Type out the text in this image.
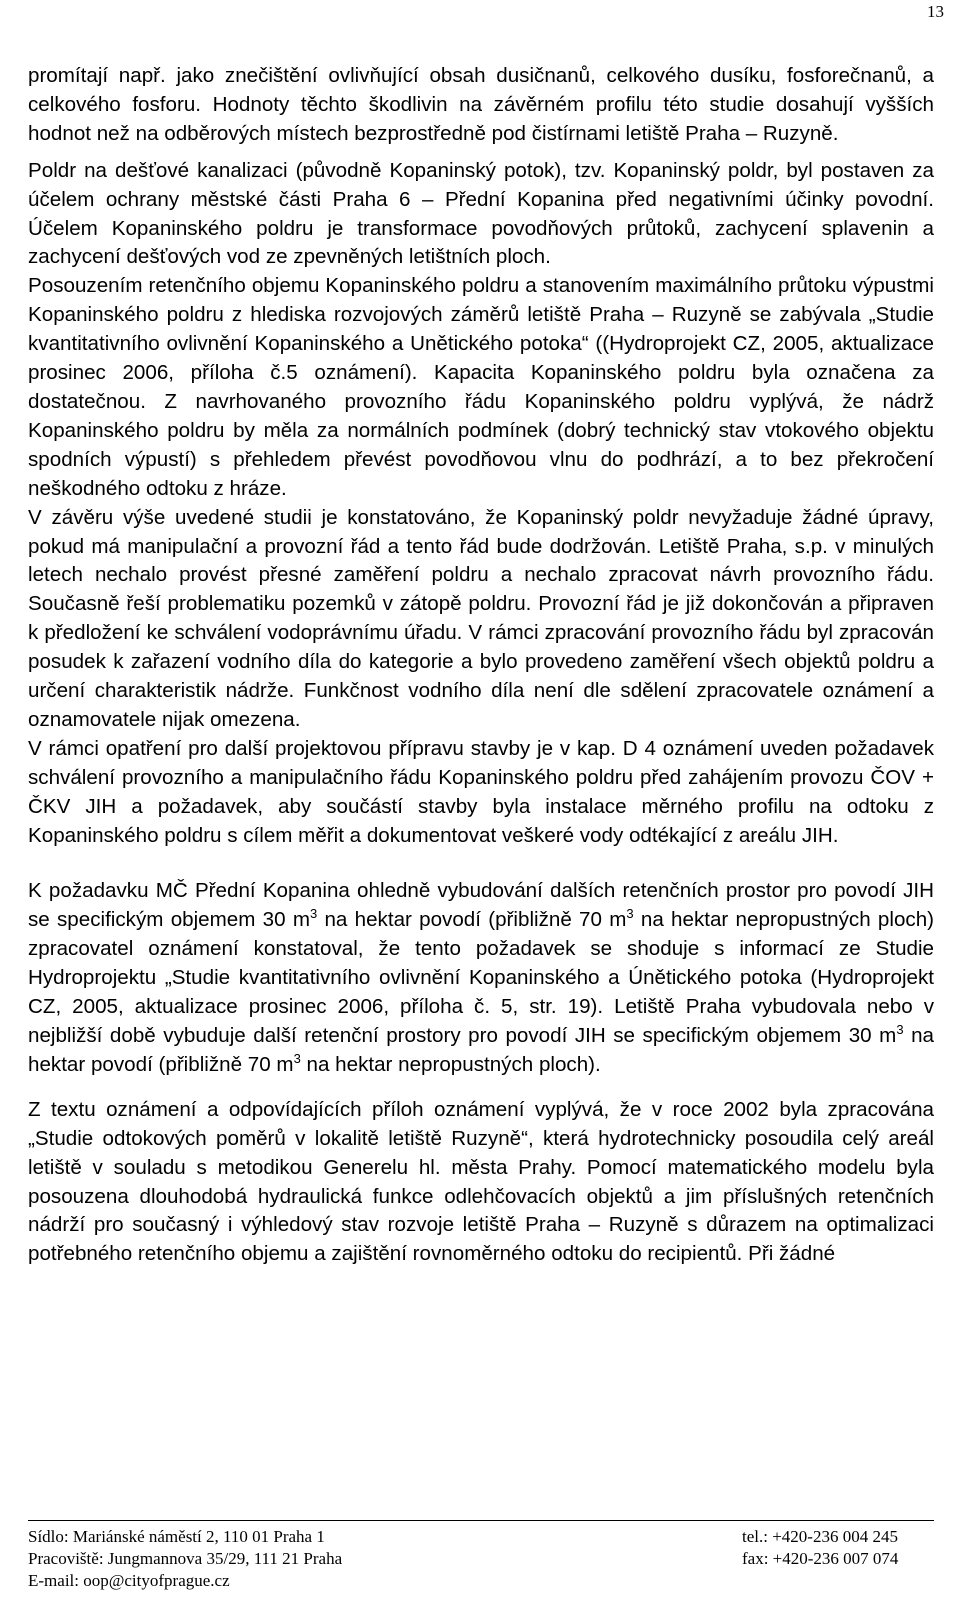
13

promítají např. jako znečištění ovlivňující obsah dusičnanů, celkového dusíku, fosforečnanů, a celkového fosforu. Hodnoty těchto škodlivin na závěrném profilu této studie dosahují vyšších hodnot než na odběrových místech bezprostředně pod čistírnami letiště Praha – Ruzyně.

Poldr na dešťové kanalizaci (původně Kopaninský potok), tzv. Kopaninský poldr, byl postaven za účelem ochrany městské části Praha 6 – Přední Kopanina před negativními účinky povodní. Účelem Kopaninského poldru je transformace povodňových průtoků, zachycení splavenin a zachycení dešťových vod ze zpevněných letištních ploch.

Posouzením retenčního objemu Kopaninského poldru a stanovením maximálního průtoku výpustmi Kopaninského poldru z hlediska rozvojových záměrů letiště Praha – Ruzyně se zabývala „Studie kvantitativního ovlivnění Kopaninského a Unětického potoka“ ((Hydroprojekt CZ, 2005, aktualizace prosinec 2006, příloha č.5 oznámení). Kapacita Kopaninského poldru byla označena za dostatečnou. Z navrhovaného provozního řádu Kopaninského poldru vyplývá, že nádrž Kopaninského poldru by měla za normálních podmínek (dobrý technický stav vtokového objektu spodních výpustí) s přehledem převést povodňovou vlnu do podhrází, a to bez překročení neškodného odtoku z hráze.

V závěru výše uvedené studii je konstatováno, že Kopaninský poldr nevyžaduje žádné úpravy, pokud má manipulační a provozní řád a tento řád bude dodržován. Letiště Praha, s.p. v minulých letech nechalo provést přesné zaměření poldru a nechalo zpracovat návrh provozního řádu. Současně řeší problematiku pozemků v zátopě poldru. Provozní řád je již dokončován a připraven k předložení ke schválení vodoprávnímu úřadu. V rámci zpracování provozního řádu byl zpracován posudek k zařazení vodního díla do kategorie a bylo provedeno zaměření všech objektů poldru a určení charakteristik nádrže. Funkčnost vodního díla není dle sdělení zpracovatele oznámení a oznamovatele nijak omezena.

V rámci opatření pro další projektovou přípravu stavby je v kap. D 4 oznámení uveden požadavek schválení provozního a manipulačního řádu Kopaninského poldru před zahájením provozu ČOV + ČKV JIH a požadavek, aby součástí stavby byla instalace měrného profilu na odtoku z Kopaninského poldru s cílem měřit a dokumentovat veškeré vody odtékající z areálu JIH.

K požadavku MČ Přední Kopanina ohledně vybudování dalších retenčních prostor pro povodí JIH se specifickým objemem 30 $m^3$ na hektar povodí (přibližně 70 $m^3$ na hektar nepropustných ploch) zpracovatel oznámení konstatoval, že tento požadavek se shoduje s informací ze Studie Hydroprojektu „Studie kvantitativního ovlivnění Kopaninského a Únětického potoka (Hydroprojekt CZ, 2005, aktualizace prosinec 2006, příloha č. 5, str. 19). Letiště Praha vybudovala nebo v nejbližší době vybuduje další retenční prostory pro povodí JIH se specifickým objemem 30 $m^3$ na hektar povodí (přibližně 70 $m^3$ na hektar nepropustných ploch).

Z textu oznámení a odpovídajících příloh oznámení vyplývá, že v roce 2002 byla zpracována „Studie odtokových poměrů v lokalitě letiště Ruzyně“, která hydrotechnicky posoudila celý areál letiště v souladu s metodikou Generelu hl. města Prahy. Pomocí matematického modelu byla posouzena dlouhodobá hydraulická funkce odlehčovacích objektů a jim příslušných retenčních nádrží pro současný i výhledový stav rozvoje letiště Praha – Ruzyně s důrazem na optimalizaci potřebného retenčního objemu a zajištění rovnoměrného odtoku do recipientů. Při žádné

Sídlo: Mariánské náměstí 2, 110 01 Praha 1
Pracoviště: Jungmannova 35/29, 111 21 Praha
E-mail: oop@cityofprague.cz
tel.: +420-236 004 245
fax: +420-236 007 074
